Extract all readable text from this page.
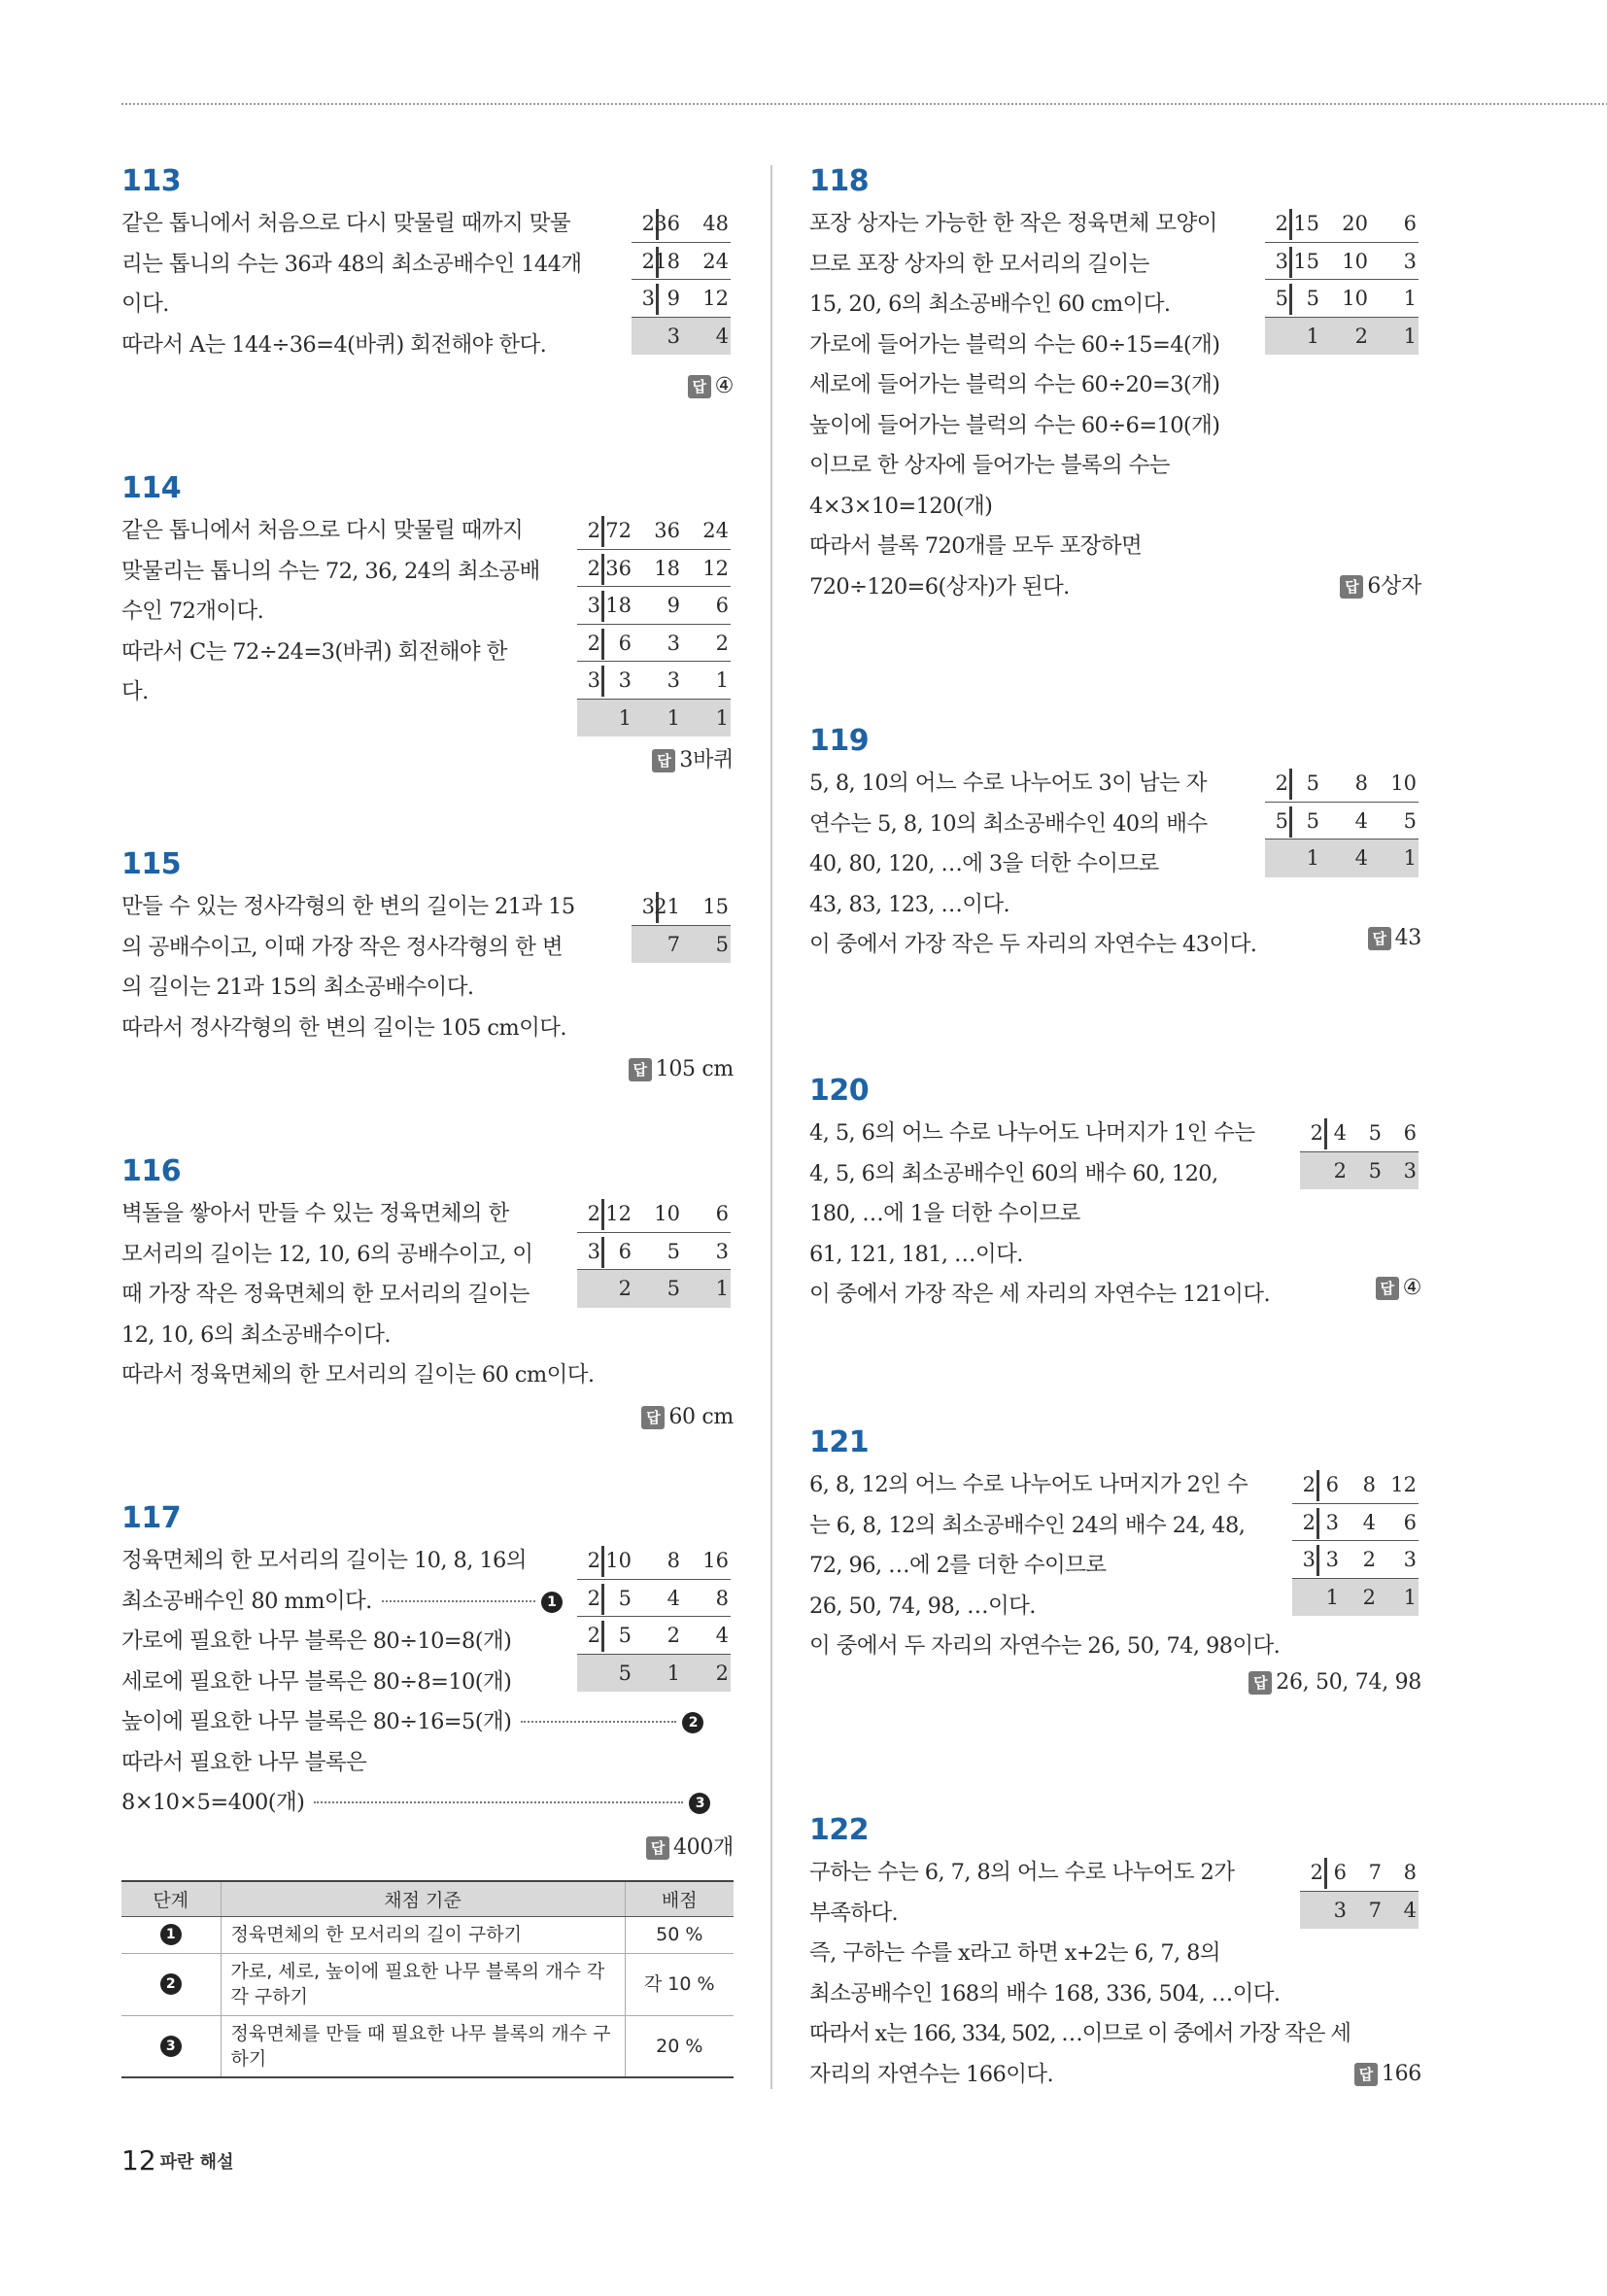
113
같은 톱니에서 처음으로 다시 맞물릴 때까지 맞물
리는 톱니의 수는 36과 48의 최소공배수인 144개
이다.
따라서 A는 144÷36=4(바퀴) 회전해야 한다.
2 36 48
2 18 24
3 9 12
3 4
답 ④
114
같은 톱니에서 처음으로 다시 맞물릴 때까지
맞물리는 톱니의 수는 72, 36, 24의 최소공배
수인 72개이다.
따라서 C는 72÷24=3(바퀴) 회전해야 한
다.
2 72 36 24
2 36 18 12
3 18 9 6
2 6 3 2
3 3 3 1
1 1 1
답 3바퀴
115
만들 수 있는 정사각형의 한 변의 길이는 21과 15
의 공배수이고, 이때 가장 작은 정사각형의 한 변
의 길이는 21과 15의 최소공배수이다.
따라서 정사각형의 한 변의 길이는 105 cm이다.
3 21 15
7 5
답 105 cm
116
벽돌을 쌓아서 만들 수 있는 정육면체의 한
모서리의 길이는 12, 10, 6의 공배수이고, 이
때 가장 작은 정육면체의 한 모서리의 길이는
12, 10, 6의 최소공배수이다.
따라서 정육면체의 한 모서리의 길이는 60 cm이다.
2 12 10 6
3 6 5 3
2 5 1
답 60 cm
117
정육면체의 한 모서리의 길이는 10, 8, 16의
최소공배수인 80 mm이다.	1
가로에 필요한 나무 블록은 80÷10=8(개)
세로에 필요한 나무 블록은 80÷8=10(개)
높이에 필요한 나무 블록은 80÷16=5(개)	2
따라서 필요한 나무 블록은
8×10×5=400(개)	3
2 10 8 16
2 5 4 8
2 5 2 4
5 1 2
답 400개
단계	채점 기준	배점
1	정육면체의 한 모서리의 길이 구하기	50 %
2	가로, 세로, 높이에 필요한 나무 블록의 개수 각각 구하기	각 10 %
3	정육면체를 만들 때 필요한 나무 블록의 개수 구하기	20 %
118
포장 상자는 가능한 한 작은 정육면체 모양이
므로 포장 상자의 한 모서리의 길이는
15, 20, 6의 최소공배수인 60 cm이다.
가로에 들어가는 블럭의 수는 60÷15=4(개)
세로에 들어가는 블럭의 수는 60÷20=3(개)
높이에 들어가는 블럭의 수는 60÷6=10(개)
이므로 한 상자에 들어가는 블록의 수는
4×3×10=120(개)
따라서 블록 720개를 모두 포장하면
720÷120=6(상자)가 된다.
2 15 20 6
3 15 10 3
5 5 10 1
1 2 1
답 6상자
119
5, 8, 10의 어느 수로 나누어도 3이 남는 자
연수는 5, 8, 10의 최소공배수인 40의 배수
40, 80, 120, …에 3을 더한 수이므로
43, 83, 123, …이다.
이 중에서 가장 작은 두 자리의 자연수는 43이다.
2 5 8 10
5 5 4 5
1 4 1
답 43
120
4, 5, 6의 어느 수로 나누어도 나머지가 1인 수는
4, 5, 6의 최소공배수인 60의 배수 60, 120,
180, …에 1을 더한 수이므로
61, 121, 181, …이다.
이 중에서 가장 작은 세 자리의 자연수는 121이다.
2 4 5 6
2 5 3
답 ④
121
6, 8, 12의 어느 수로 나누어도 나머지가 2인 수
는 6, 8, 12의 최소공배수인 24의 배수 24, 48,
72, 96, …에 2를 더한 수이므로
26, 50, 74, 98, …이다.
이 중에서 두 자리의 자연수는 26, 50, 74, 98이다.
2 6 8 12
2 3 4 6
3 3 2 3
1 2 1
답 26, 50, 74, 98
122
구하는 수는 6, 7, 8의 어느 수로 나누어도 2가
부족하다.
즉, 구하는 수를 x라고 하면 x+2는 6, 7, 8의
최소공배수인 168의 배수 168, 336, 504, …이다.
따라서 x는 166, 334, 502, …이므로 이 중에서 가장 작은 세
자리의 자연수는 166이다.
2 6 7 8
3 7 4
답 166
12 파란 해설
